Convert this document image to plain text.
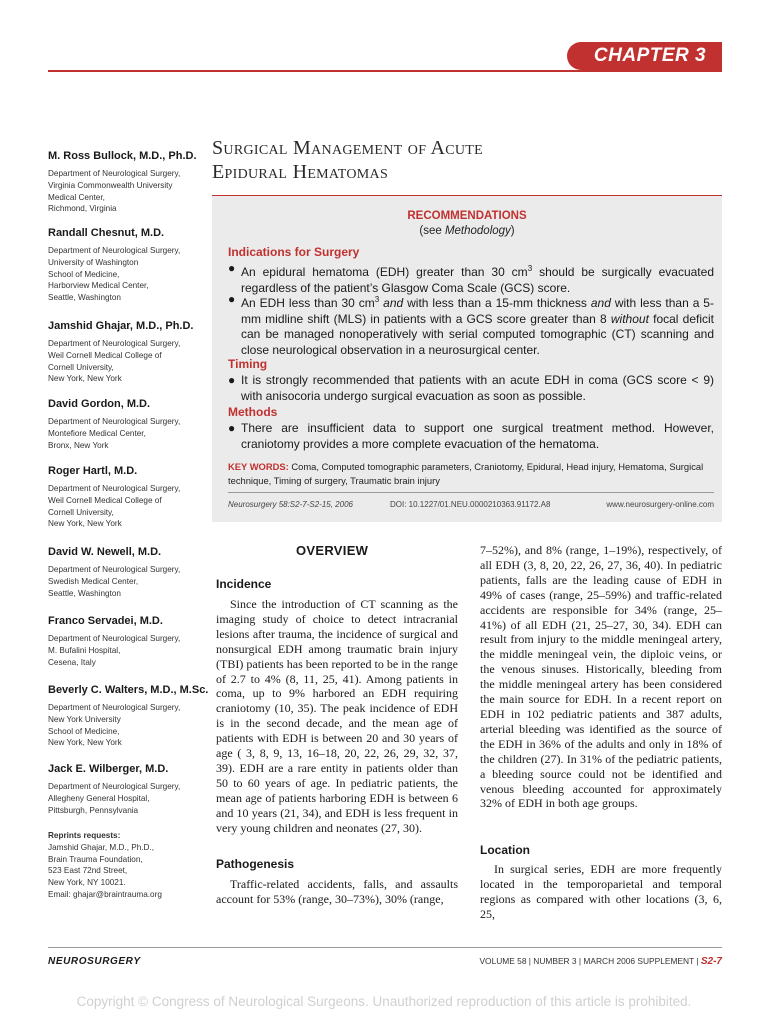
CHAPTER 3
M. Ross Bullock, M.D., Ph.D.
Department of Neurological Surgery,
Virginia Commonwealth University
Medical Center,
Richmond, Virginia
Randall Chesnut, M.D.
Department of Neurological Surgery,
University of Washington
School of Medicine,
Harborview Medical Center,
Seattle, Washington
Jamshid Ghajar, M.D., Ph.D.
Department of Neurological Surgery,
Weil Cornell Medical College of
Cornell University,
New York, New York
David Gordon, M.D.
Department of Neurological Surgery,
Montefiore Medical Center,
Bronx, New York
Roger Hartl, M.D.
Department of Neurological Surgery,
Weil Cornell Medical College of
Cornell University,
New York, New York
David W. Newell, M.D.
Department of Neurological Surgery,
Swedish Medical Center,
Seattle, Washington
Franco Servadei, M.D.
Department of Neurological Surgery,
M. Bufalini Hospital,
Cesena, Italy
Beverly C. Walters, M.D., M.Sc.
Department of Neurological Surgery,
New York University
School of Medicine,
New York, New York
Jack E. Wilberger, M.D.
Department of Neurological Surgery,
Allegheny General Hospital,
Pittsburgh, Pennsylvania
Reprints requests:
Jamshid Ghajar, M.D., Ph.D.,
Brain Trauma Foundation,
523 East 72nd Street,
New York, NY 10021.
Email: ghajar@braintrauma.org
Surgical Management of Acute
Epidural Hematomas
RECOMMENDATIONS
(see Methodology)
Indications for Surgery
● An epidural hematoma (EDH) greater than 30 $cm^3$ should be surgically evacuated regardless of the patient’s Glasgow Coma Scale (GCS) score.
● An EDH less than 30 $cm^3$ and with less than a 15-mm thickness and with less than a 5-mm midline shift (MLS) in patients with a GCS score greater than 8 without focal deficit can be managed nonoperatively with serial computed tomographic (CT) scanning and close neurological observation in a neurosurgical center.
Timing
● It is strongly recommended that patients with an acute EDH in coma (GCS score < 9) with anisocoria undergo surgical evacuation as soon as possible.
Methods
● There are insufficient data to support one surgical treatment method. However, craniotomy provides a more complete evacuation of the hematoma.
KEY WORDS: Coma, Computed tomographic parameters, Craniotomy, Epidural, Head injury, Hematoma, Surgical technique, Timing of surgery, Traumatic brain injury
Neurosurgery 58:S2-7-S2-15, 2006	DOI: 10.1227/01.NEU.0000210363.91172.A8	www.neurosurgery-online.com
OVERVIEW
Incidence

Since the introduction of CT scanning as the imaging study of choice to detect intracranial lesions after trauma, the incidence of surgical and nonsurgical EDH among traumatic brain injury (TBI) patients has been reported to be in the range of 2.7 to 4% (8, 11, 25, 41). Among patients in coma, up to 9% harbored an EDH requiring craniotomy (10, 35). The peak incidence of EDH is in the second decade, and the mean age of patients with EDH is between 20 and 30 years of age ( 3, 8, 9, 13, 16–18, 20, 22, 26, 29, 32, 37, 39). EDH are a rare entity in patients older than 50 to 60 years of age. In pediatric patients, the mean age of patients harboring EDH is between 6 and 10 years (21, 34), and EDH is less frequent in very young children and neonates (27, 30).

Pathogenesis

Traffic-related accidents, falls, and assaults account for 53% (range, 30–73%), 30% (range,

7–52%), and 8% (range, 1–19%), respectively, of all EDH (3, 8, 20, 22, 26, 27, 36, 40). In pediatric patients, falls are the leading cause of EDH in 49% of cases (range, 25–59%) and traffic-related accidents are responsible for 34% (range, 25–41%) of all EDH (21, 25–27, 30, 34). EDH can result from injury to the middle meningeal artery, the middle meningeal vein, the diploic veins, or the venous sinuses. Historically, bleeding from the middle meningeal artery has been considered the main source for EDH. In a recent report on EDH in 102 pediatric patients and 387 adults, arterial bleeding was identified as the source of the EDH in 36% of the adults and only in 18% of the children (27). In 31% of the pediatric patients, a bleeding source could not be identified and venous bleeding accounted for approximately 32% of EDH in both age groups.

Location

In surgical series, EDH are more frequently located in the temporoparietal and temporal regions as compared with other locations (3, 6, 25,

NEUROSURGERY	VOLUME 58 | NUMBER 3 | MARCH 2006 SUPPLEMENT | S2-7
Copyright © Congress of Neurological Surgeons. Unauthorized reproduction of this article is prohibited.
